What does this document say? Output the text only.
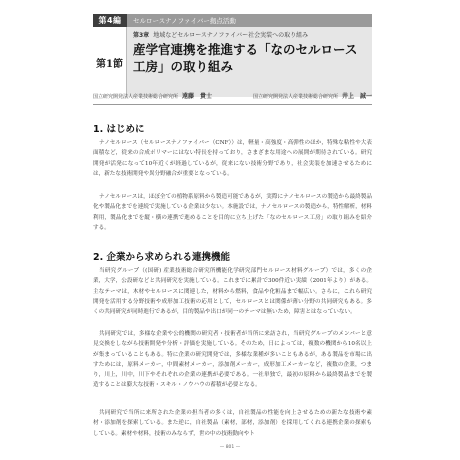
第4編	セルロースナノファイバー拠点活動
第1節
第3章 地域などセルロースナノファイバー社会実装への取り組み
産学官連携を推進する「なのセルロース
工房」の取り組み
国立研究開発法人産業技術総合研究所 遠藤　貴士	国立研究開発法人産業技術総合研究所 井上　誠一
1. はじめに
ナノセルロース（セルロースナノファイバー（CNF））は，軽量・高強度・高弾性のほか，特殊な粘性や大表面積など，従来の合成ポリマーにはない特長を持っており，さまざまな用途への展開が期待されている。研究開発が活発になって10年近くが経過しているが，従来にない技術分野であり，社会実装を加速させるためには，新たな技術開発や異分野融合が重要となっている。
ナノセルロースは，ほぼ全ての植物系原料から製造可能であるが，実際にナノセルロースの製造から最終製品化や製品化までを連続で実施している企業は少ない。本施設では，ナノセルロースの製造から，特性解析，材料利用，製品化までを縦・横の連携で進めることを目的に立ち上げた「なのセルロース工房」の取り組みを紹介する。
2. 企業から求められる連携機能
当研究グループ（(国研) 産業技術総合研究所機能化学研究部門セルロース材料グループ）では，多くの企業，大学，公設研などと共同研究を実施している。これまでに累計で300件近い実績（2001年より）がある。主なテーマは，木材やセルロースに関連した，材料から燃料，食品や化粧品まで幅広い。さらに，これら研究開発を活用する分野技術や成形加工技術の応用として，セルロースとは関係が薄い分野の共同研究もある。多くの共同研究が同時進行であるが，目的製品や出口が同一のテーマは無いため，障害とはなっていない。
共同研究では，多様な企業や公的機関の研究者・技術者が当所に来訪され，当研究グループのメンバーと意見交換をしながら技術開発や分析・評価を実施している。そのため，日によっては，複数の機関から10名以上が集まっていることもある。特に企業の研究開発では，多様な業種が多いこともあるが，ある製品を市場に出すためには，原料メーカー，中間素材メーカー，添加剤メーカー，成形加工メーカーなど，複数の企業，つまり，川上，川中，川下やそれぞれの企業の連携が必要である。一社単独で，最初の原料から最終製品までを製造することは膨大な技術・スキル・ノウハウの蓄積が必要となる。
共同研究で当所に来所された企業の担当者の多くは，自社製品の性能を向上させるための新たな技術や素材・添加剤を探索している。また逆に，自社製品（素材，部材，添加剤）を採用してくれる連携企業の探索もしている。素材や材料，技術のみならず，世の中の技術動向やト
— 801 —
